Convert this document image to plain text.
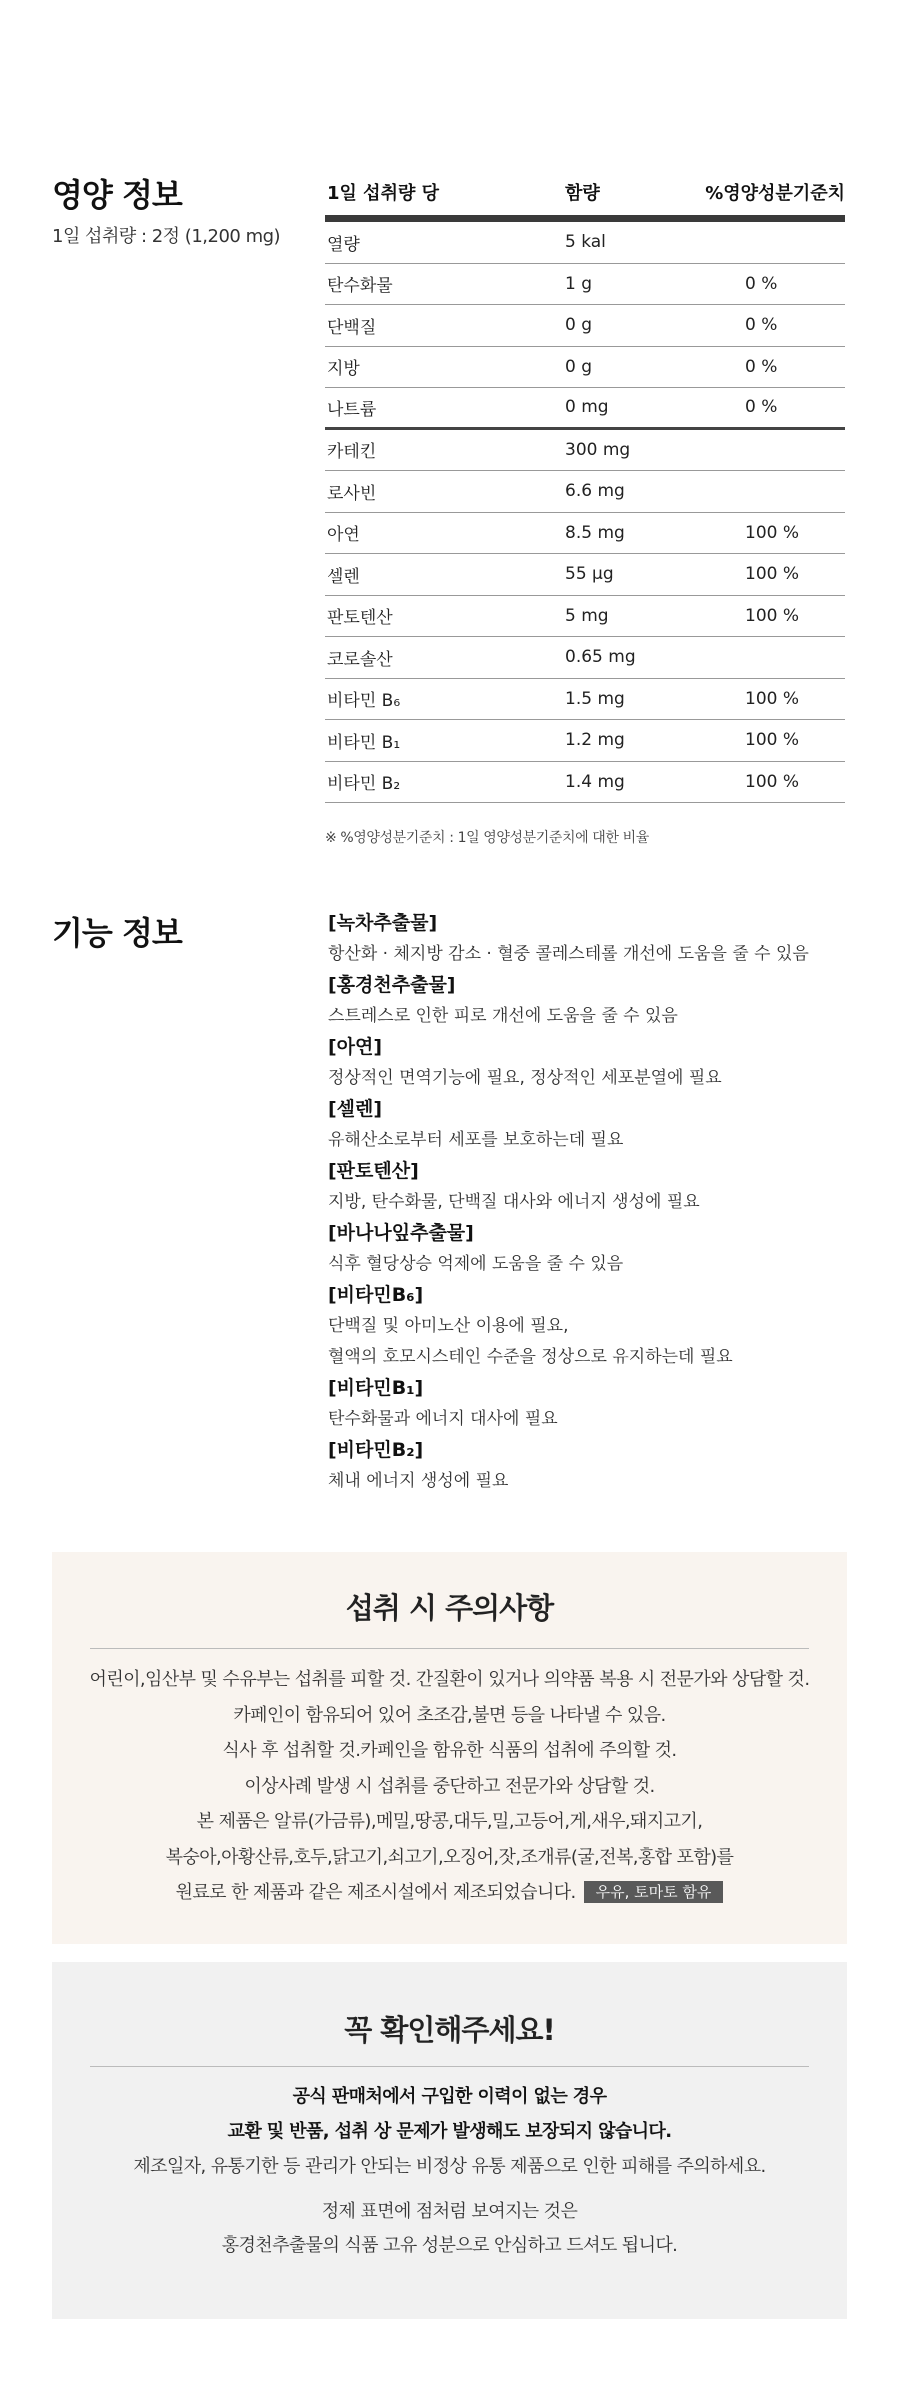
영양 정보
1일 섭취량 : 2정 (1,200 mg)
1일 섭취량 당	함량	%영양성분기준치
열량	5 kal
탄수화물	1 g	0 %
단백질	0 g	0 %
지방	0 g	0 %
나트륨	0 mg	0 %
카테킨	300 mg
로사빈	6.6 mg
아연	8.5 mg	100 %
셀렌	55 µg	100 %
판토텐산	5 mg	100 %
코로솔산	0.65 mg
비타민 B₆	1.5 mg	100 %
비타민 B₁	1.2 mg	100 %
비타민 B₂	1.4 mg	100 %
※ %영양성분기준치 : 1일 영양성분기준치에 대한 비율
기능 정보	[녹차추출물]
항산화 · 체지방 감소 · 혈중 콜레스테롤 개선에 도움을 줄 수 있음
[홍경천추출물]
스트레스로 인한 피로 개선에 도움을 줄 수 있음
[아연]
정상적인 면역기능에 필요, 정상적인 세포분열에 필요
[셀렌]
유해산소로부터 세포를 보호하는데 필요
[판토텐산]
지방, 탄수화물, 단백질 대사와 에너지 생성에 필요
[바나나잎추출물]
식후 혈당상승 억제에 도움을 줄 수 있음
[비타민B₆]
단백질 및 아미노산 이용에 필요,
혈액의 호모시스테인 수준을 정상으로 유지하는데 필요
[비타민B₁]
탄수화물과 에너지 대사에 필요
[비타민B₂]
체내 에너지 생성에 필요
섭취 시 주의사항
어린이,임산부 및 수유부는 섭취를 피할 것. 간질환이 있거나 의약품 복용 시 전문가와 상담할 것.
카페인이 함유되어 있어 초조감,불면 등을 나타낼 수 있음.
식사 후 섭취할 것.카페인을 함유한 식품의 섭취에 주의할 것.
이상사례 발생 시 섭취를 중단하고 전문가와 상담할 것.
본 제품은 알류(가금류),메밀,땅콩,대두,밀,고등어,게,새우,돼지고기,
복숭아,아황산류,호두,닭고기,쇠고기,오징어,잣,조개류(굴,전복,홍합 포함)를
원료로 한 제품과 같은 제조시설에서 제조되었습니다. 우유, 토마토 함유
꼭 확인해주세요!
공식 판매처에서 구입한 이력이 없는 경우
교환 및 반품, 섭취 상 문제가 발생해도 보장되지 않습니다.
제조일자, 유통기한 등 관리가 안되는 비정상 유통 제품으로 인한 피해를 주의하세요.
정제 표면에 점처럼 보여지는 것은
홍경천추출물의 식품 고유 성분으로 안심하고 드셔도 됩니다.
